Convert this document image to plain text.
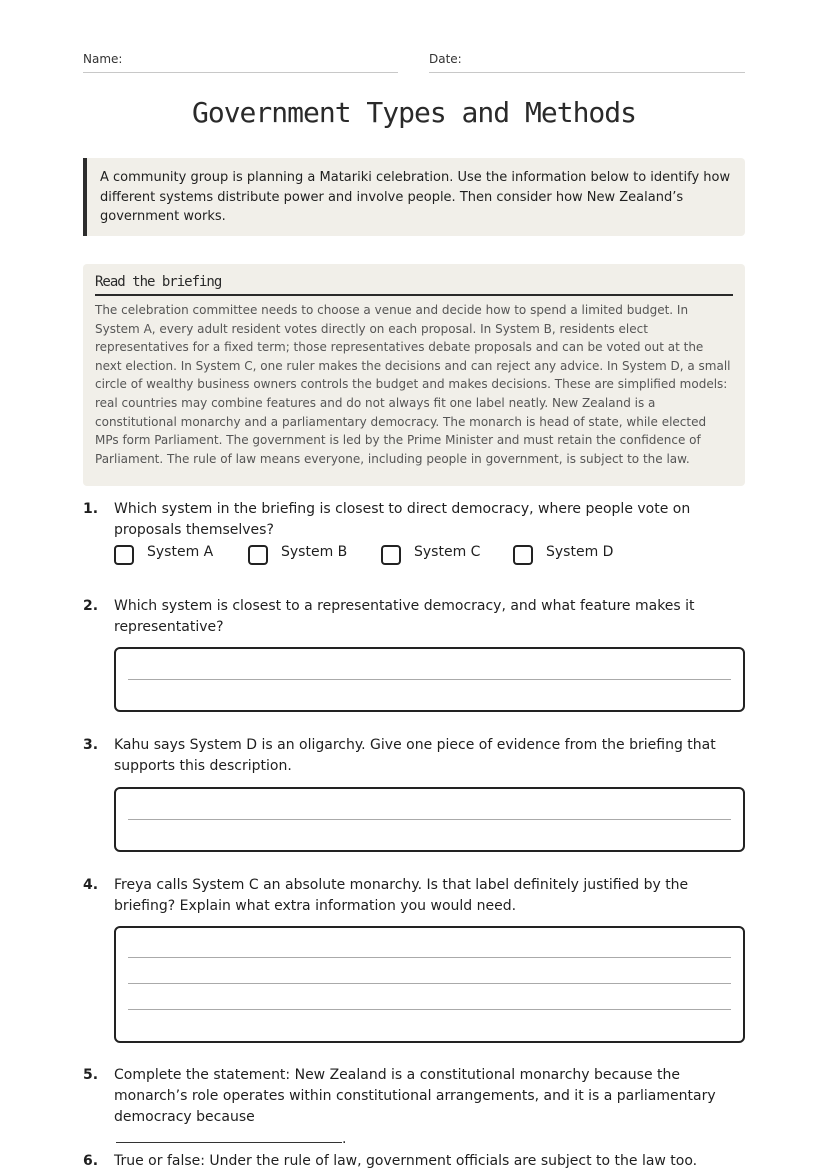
Name:	Date:
Government Types and Methods
A community group is planning a Matariki celebration. Use the information below to identify how different systems distribute power and involve people. Then consider how New Zealand’s government works.
Read the briefing
The celebration committee needs to choose a venue and decide how to spend a limited budget. In System A, every adult resident votes directly on each proposal. In System B, residents elect representatives for a fixed term; those representatives debate proposals and can be voted out at the next election. In System C, one ruler makes the decisions and can reject any advice. In System D, a small circle of wealthy business owners controls the budget and makes decisions. These are simplified models: real countries may combine features and do not always fit one label neatly. New Zealand is a constitutional monarchy and a parliamentary democracy. The monarch is head of state, while elected MPs form Parliament. The government is led by the Prime Minister and must retain the confidence of Parliament. The rule of law means everyone, including people in government, is subject to the law.
1. Which system in the briefing is closest to direct democracy, where people vote on proposals themselves?
System A	System B	System C	System D
2. Which system is closest to a representative democracy, and what feature makes it representative?
3. Kahu says System D is an oligarchy. Give one piece of evidence from the briefing that supports this description.
4. Freya calls System C an absolute monarchy. Is that label definitely justified by the briefing? Explain what extra information you would need.
5. Complete the statement: New Zealand is a constitutional monarchy because the monarch’s role operates within constitutional arrangements, and it is a parliamentary democracy because
.
6. True or false: Under the rule of law, government officials are subject to the law too.
